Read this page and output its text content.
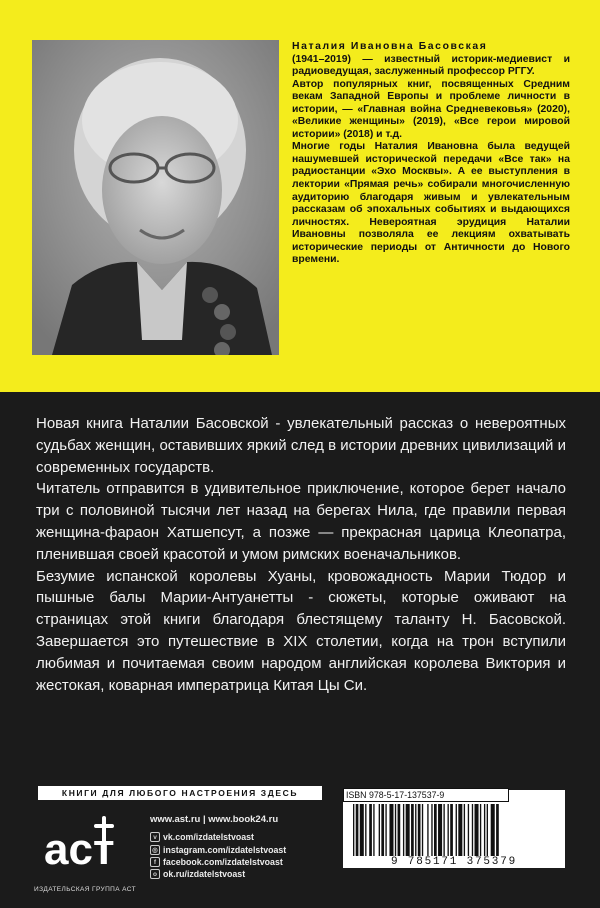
Наталия Ивановна Басовская

(1941–2019) — известный историк-медиевист и радиоведущая, заслуженный профессор РГГУ.

Автор популярных книг, посвященных Средним векам Западной Европы и проблеме личности в истории, — «Главная война Средневековья» (2020), «Великие женщины» (2019), «Все герои мировой истории» (2018) и т.д.

Многие годы Наталия Ивановна была ведущей нашумевшей исторической передачи «Все так» на радиостанции «Эхо Москвы». А ее выступления в лектории «Прямая речь» собирали многочисленную аудиторию благодаря живым и увлекательным рассказам об эпохальных событиях и выдающихся личностях. Невероятная эрудиция Наталии Ивановны позволяла ее лекциям охватывать исторические периоды от Античности до Нового времени.

Новая книга Наталии Басовской - увлекательный рассказ о невероятных судьбах женщин, оставивших яркий след в истории древних цивилизаций и современных государств.

Читатель отправится в удивительное приключение, которое берет начало три с половиной тысячи лет назад на берегах Нила, где правили первая женщина-фараон Хатшепсут, а позже — прекрасная царица Клеопатра, пленившая своей красотой и умом римских военачальников.

Безумие испанской королевы Хуаны, кровожадность Марии Тюдор и пышные балы Марии-Антуанетты - сюжеты, которые оживают на страницах этой книги благодаря блестящему таланту Н. Басовской. Завершается это путешествие в XIX столетии, когда на трон вступили любимая и почитаемая своим народом английская королева Виктория и жестокая, коварная императрица Китая Цы Си.

КНИГИ ДЛЯ ЛЮБОГО НАСТРОЕНИЯ ЗДЕСЬ
aст
ИЗДАТЕЛЬСКАЯ ГРУППА АСТ
www.ast.ru | www.book24.ru
v vk.com/izdatelstvoast
◎ instagram.com/izdatelstvoast
f facebook.com/izdatelstvoast
o ok.ru/izdatelstvoast
ISBN 978-5-17-137537-9
9 785171 375379
